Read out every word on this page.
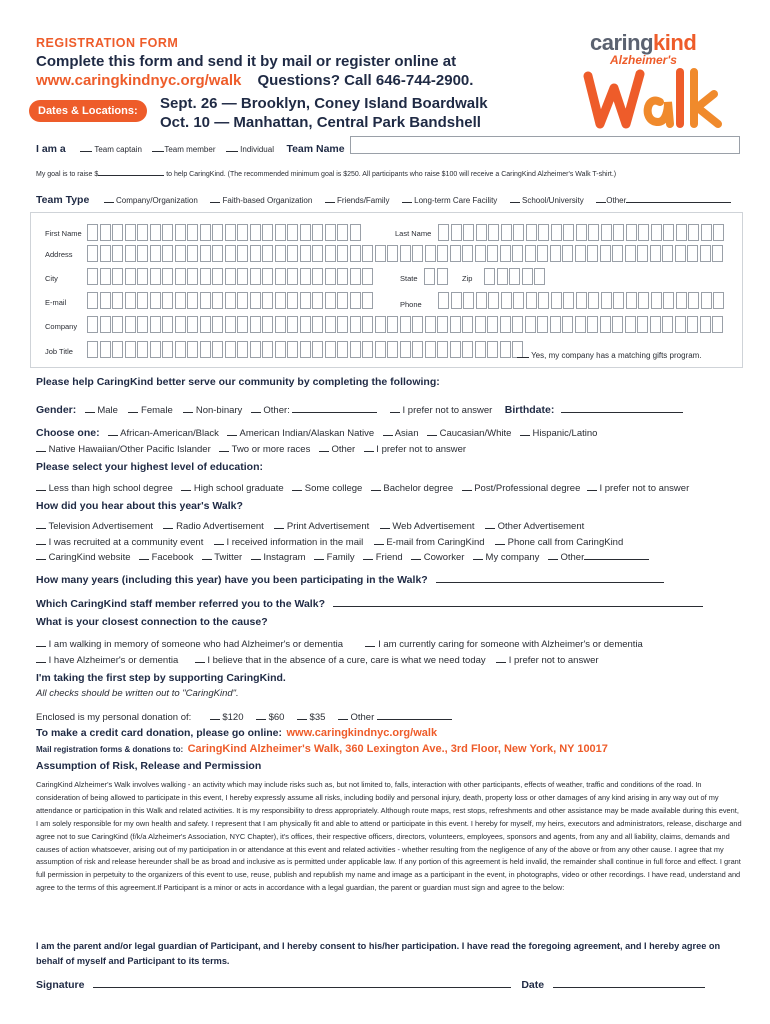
REGISTRATION FORM
Complete this form and send it by mail or register online at
www.caringkindnyc.org/walk Questions? Call 646-744-2900.
Dates & Locations:	Sept. 26 — Brooklyn, Coney Island Boardwalk
Oct. 10 — Manhattan, Central Park Bandshell
caringkind
Alzheimer's
I am a	Team captain	Team member	Individual Team Name
My goal is to raise $	to help CaringKind. (The recommended minimum goal is $250. All participants who raise $100 will receive a CaringKind Alzheimer's Walk T-shirt.)
Team Type	Company/Organization	Faith-based Organization	Friends/Family	Long-term Care Facility	School/University	Other
First Name	Last Name
Address
City	State	Zip
E-mail	Phone
Company
Job Title	Yes, my company has a matching gifts program.
Please help CaringKind better serve our community by completing the following:
Gender: Male Female Non-binary Other:	I prefer not to answer Birthdate:
Choose one: African-American/Black American Indian/Alaskan Native Asian Caucasian/White Hispanic/Latino
Native Hawaiian/Other Pacific Islander Two or more races Other I prefer not to answer
Please select your highest level of education:
Less than high school degree High school graduate Some college Bachelor degree Post/Professional degree I prefer not to answer
How did you hear about this year's Walk?
Television Advertisement Radio Advertisement Print Advertisement Web Advertisement Other Advertisement
I was recruited at a community event I received information in the mail E-mail from CaringKind Phone call from CaringKind
CaringKind website Facebook Twitter Instagram Family Friend Coworker My company Other
How many years (including this year) have you been participating in the Walk?
Which CaringKind staff member referred you to the Walk?
What is your closest connection to the cause?
I am walking in memory of someone who had Alzheimer's or dementia	I am currently caring for someone with Alzheimer's or dementia
I have Alzheimer's or dementia	I believe that in the absence of a cure, care is what we need today I prefer not to answer
I'm taking the first step by supporting CaringKind.
All checks should be written out to "CaringKind".
Enclosed is my personal donation of:	$120	$60	$35	Other
To make a credit card donation, please go online: www.caringkindnyc.org/walk
Mail registration forms & donations to: CaringKind Alzheimer's Walk, 360 Lexington Ave., 3rd Floor, New York, NY 10017
Assumption of Risk, Release and Permission
CaringKind Alzheimer's Walk involves walking - an activity which may include risks such as, but not limited to, falls, interaction with other participants, effects of weather, traffic and conditions of the road. In consideration of being allowed to participate in this event, I hereby expressly assume all risks, including bodily and personal injury, death, property loss or other damages of any kind arising in any way out of my attendance or participation in this Walk and related activities. It is my responsibility to dress appropriately. Although route maps, rest stops, refreshments and other assistance may be made available during this event, I am solely responsible for my own health and safety. I represent that I am physically fit and able to attend or participate in this event. I hereby for myself, my heirs, executors and administrators, release, discharge and agree not to sue CaringKind (f/k/a Alzheimer's Association, NYC Chapter), it's offices, their respective officers, directors, volunteers, employees, sponsors and agents, from any and all liability, claims, demands and causes of action whatsoever, arising out of my participation in or attendance at this event and related activities - whether resulting from the negligence of any of the above or from any other cause. I agree that my assumption of risk and release hereunder shall be as broad and inclusive as is permitted under applicable law. If any portion of this agreement is held invalid, the remainder shall continue in full force and effect. I grant full permission in perpetuity to the organizers of this event to use, reuse, publish and republish my name and image as a participant in the event, in photographs, video or other recordings. I have read, understand and agree to the terms of this agreement.If Participant is a minor or acts in accordance with a legal guardian, the parent or guardian must sign and agree to the below:
I am the parent and/or legal guardian of Participant, and I hereby consent to his/her participation. I have read the foregoing agreement, and I hereby agree on behalf of myself and Participant to its terms.
Signature	Date
